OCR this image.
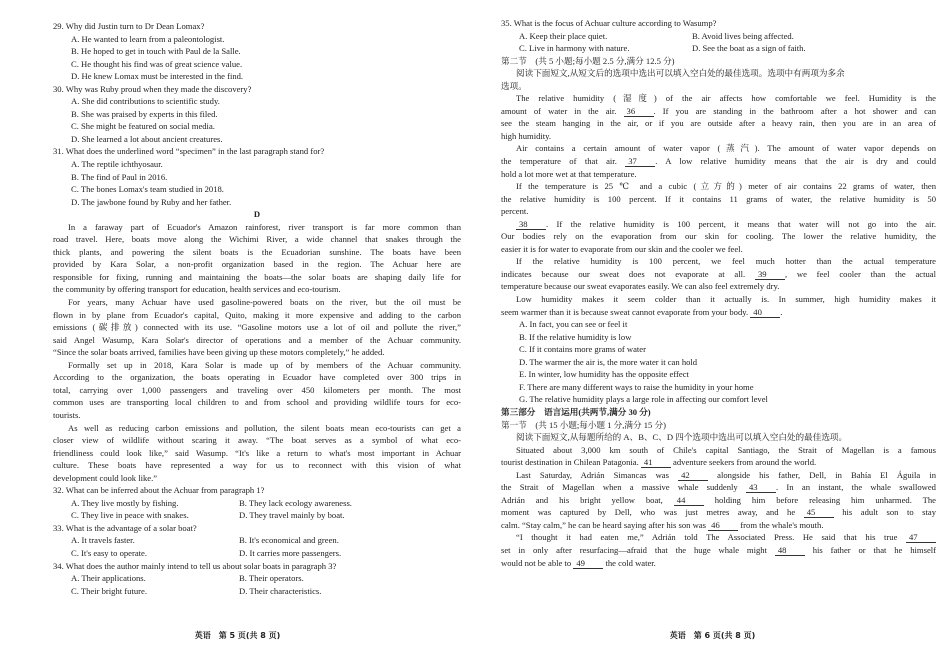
29. Why did Justin turn to Dr Dean Lomax?
A. He wanted to learn from a paleontologist.
B. He hoped to get in touch with Paul de la Salle.
C. He thought his find was of great science value.
D. He knew Lomax must be interested in the find.
30. Why was Ruby proud when they made the discovery?
A. She did contributions to scientific study.
B. She was praised by experts in this filed.
C. She might be featured on social media.
D. She learned a lot about ancient creatures.
31. What does the underlined word “specimen” in the last paragraph stand for?
A. The reptile ichthyosaur.
B. The find of Paul in 2016.
C. The bones Lomax's team studied in 2018.
D. The jawbone found by Ruby and her father.
D
In a faraway part of Ecuador's Amazon rainforest, river transport is far more common than
road travel. Here, boats move along the Wichimi River, a wide channel that snakes through the
thick plants, and powering the silent boats is the Ecuadorian sunshine. The boats have been
provided by Kara Solar, a non-profit organization based in the region. The Achuar here are
responsible for fixing, running and maintaining the boats—the solar boats are shaping daily life for
the community by offering transport for education, health services and eco-tourism.
For years, many Achuar have used gasoline-powered boats on the river, but the oil must be
flown in by plane from Ecuador's capital, Quito, making it more expensive and adding to the carbon
emissions (碳排放) connected with its use. “Gasoline motors use a lot of oil and pollute the river,”
said Angel Wasump, Kara Solar's director of operations and a member of the Achuar community.
“Since the solar boats arrived, families have been giving up these motors completely,” he added.
Formally set up in 2018, Kara Solar is made up of by members of the Achuar community.
According to the organization, the boats operating in Ecuador have completed over 300 trips in
total, carrying over 1,000 passengers and traveling over 450 kilometers per month. The most
common uses are transporting local children to and from school and providing wildlife tours for eco-
tourists.
As well as reducing carbon emissions and pollution, the silent boats mean eco-tourists can get a
closer view of wildlife without scaring it away. “The boat serves as a symbol of what eco-
friendliness could look like,” said Wasump. “It's like a return to what's most important in Achuar
culture. These boats have represented a way for us to reconnect with this vision of what
development could look like.”
32. What can be inferred about the Achuar from paragraph 1?
A. They live mostly by fishing.	B. They lack ecology awareness.
C. They live in peace with snakes.	D. They travel mainly by boat.
33. What is the advantage of a solar boat?
A. It travels faster.	B. It's economical and green.
C. It's easy to operate.	D. It carries more passengers.
34. What does the author mainly intend to tell us about solar boats in paragraph 3?
A. Their applications.	B. Their operators.
C. Their bright future.	D. Their characteristics.
英语　第 5 页(共 8 页)
35. What is the focus of Achuar culture according to Wasump?
A. Keep their place quiet.	B. Avoid lives being affected.
C. Live in harmony with nature.	D. See the boat as a sign of faith.
第二节　(共 5 小题;每小题 2.5 分,满分 12.5 分)
阅读下面短文,从短文后的选项中选出可以填入空白处的最佳选项。选项中有两项为多余
选项。
The relative humidity (湿度) of the air affects how comfortable we feel. Humidity is the
amount of water in the air. 36 . If you are standing in the bathroom after a hot shower and can
see the steam hanging in the air, or if you are outside after a heavy rain, then you are in an area of
high humidity.
Air contains a certain amount of water vapor (蒸汽). The amount of water vapor depends on
the temperature of that air. 37 . A low relative humidity means that the air is dry and could
hold a lot more wet at that temperature.
If the temperature is 25 ℃ and a cubic (立方的) meter of air contains 22 grams of water, then
the relative humidity is 100 percent. If it contains 11 grams of water, the relative humidity is 50
percent.
38 . If the relative humidity is 100 percent, it means that water will not go into the air.
Our bodies rely on the evaporation from our skin for cooling. The lower the relative humidity, the
easier it is for water to evaporate from our skin and the cooler we feel.
If the relative humidity is 100 percent, we feel much hotter than the actual temperature
indicates because our sweat does not evaporate at all. 39 , we feel cooler than the actual
temperature because our sweat evaporates easily. We can also feel extremely dry.
Low humidity makes it seem colder than it actually is. In summer, high humidity makes it
seem warmer than it is because sweat cannot evaporate from your body. 40 .
A. In fact, you can see or feel it
B. If the relative humidity is low
C. If it contains more grams of water
D. The warmer the air is, the more water it can hold
E. In winter, low humidity has the opposite effect
F. There are many different ways to raise the humidity in your home
G. The relative humidity plays a large role in affecting our comfort level
第三部分　语言运用(共两节,满分 30 分)
第一节　(共 15 小题;每小题 1 分,满分 15 分)
阅读下面短文,从每题所给的 A、B、C、D 四个选项中选出可以填入空白处的最佳选项。
Situated about 3,000 km south of Chile's capital Santiago, the Strait of Magellan is a famous
tourist destination in Chilean Patagonia. 41 adventure seekers from around the world.
Last Saturday, Adrián Simancas was 42	alongside his father, Dell, in Bahía El Águila in
the Strait of Magellan when a massive whale suddenly 43 . In an instant, the whale swallowed
Adrián and his bright yellow boat, 44	holding him before releasing him unharmed. The
moment was captured by Dell, who was just metres away, and he 45	his adult son to stay
calm. “Stay calm,” he can be heard saying after his son was 46 from the whale's mouth.
“I thought it had eaten me,” Adrián told The Associated Press. He said that his true 47
set in only after resurfacing—afraid that the huge whale might 48	his father or that he himself
would not be able to 49 the cold water.
英语　第 6 页(共 8 页)
